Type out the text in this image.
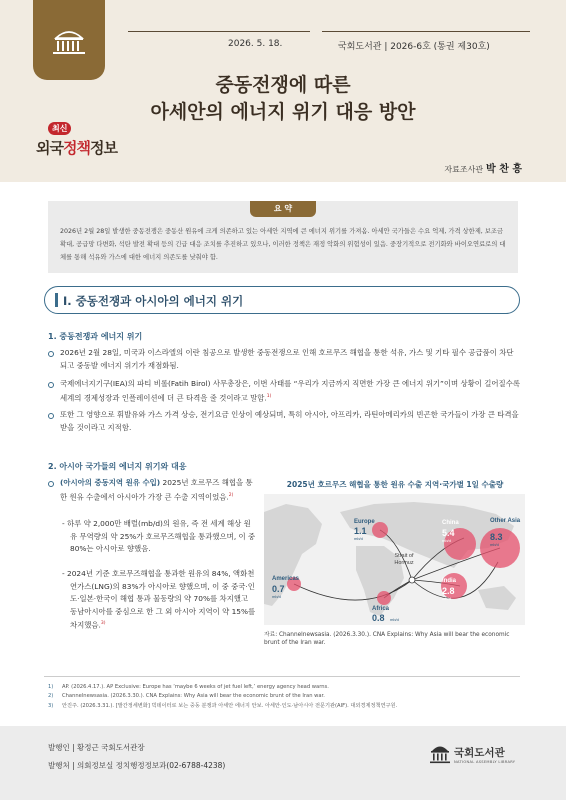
2026. 5. 18.	국회도서관 | 2026-6호 (통권 제30호)
중동전쟁에 따른
아세안의 에너지 위기 대응 방안
최신
외국정책정보
자료조사관 박 찬 흥
요 약
2026년 2월 28일 발생한 중동전쟁은 중동산 원유에 크게 의존하고 있는 아세안 지역에 큰 에너지 위기를 가져옴. 아세안 국가들은 수요 억제, 가격 상한제, 보조금 확대, 공급망 다변화, 석탄 발전 확대 등의 긴급 대응 조치를 추진하고 있으나, 이러한 정책은 재정 악화의 위험성이 있음. 중장기적으로 전기화와 바이오연료로의 대체를 통해 석유와 가스에 대한 에너지 의존도를 낮춰야 함.
Ⅰ. 중동전쟁과 아시아의 에너지 위기
1. 중동전쟁과 에너지 위기
2026년 2월 28일, 미국과 이스라엘의 이란 침공으로 발생한 중동전쟁으로 인해 호르무즈 해협을 통한 석유, 가스 및 기타 필수 공급품이 차단되고 중동발 에너지 위기가 재점화됨.
국제에너지기구(IEA)의 파티 비롤(Fatih Birol) 사무총장은, 이번 사태를 “우리가 지금까지 직면한 가장 큰 에너지 위기”이며 상황이 길어질수록 세계의 경제성장과 인플레이션에 더 큰 타격을 줄 것이라고 말함.$^{1)}$
또한 그 영향으로 휘발유와 가스 가격 상승, 전기요금 인상이 예상되며, 특히 아시아, 아프리카, 라틴아메리카의 빈곤한 국가들이 가장 큰 타격을 받을 것이라고 지적함.
2. 아시아 국가들의 에너지 위기와 대응
(아시아의 중동지역 원유 수입) 2025년 호르무즈 해협을 통한 원유 수출에서 아시아가 가장 큰 수출 지역이었음.$^{2)}$
- 하루 약 2,000만 배럴(mb/d)의 원유, 즉 전 세계 해상 원유 무역량의 약 25%가 호르무즈해협을 통과했으며, 이 중 80%는 아시아로 향했음.
- 2024년 기준 호르무즈해협을 통과한 원유의 84%, 액화천연가스(LNG)의 83%가 아시아로 향했으며, 이 중 중국·인도·일본·한국이 해협 통과 물동량의 약 70%를 차지했고 동남아시아를 중심으로 한 그 외 아시아 지역이 약 15%를 차지했음.$^{3)}$
2025년 호르무즈 해협을 통한 원유 수출 지역·국가별 1일 수출량
Strait of
Hormuz
Europe
1.1
mb/d
China
5.4
mb/d
Other Asia
8.3
mb/d
Americas
0.7
mb/d
India
2.8
mb/d
Africa
0.8 mb/d
자료: Channelnewsasia. (2026.3.30.). CNA Explains: Why Asia will bear the economic brunt of the Iran war.
1) AP. (2026.4.17.). AP Exclusive: Europe has ‘maybe 6 weeks of jet fuel left,’ energy agency head warns.
2) Channelnewsasia. (2026.3.30.). CNA Explains: Why Asia will bear the economic brunt of the Iran war.
3) 안진주. (2026.3.31.). [발간정세변화] 빅데이터로 보는 중동 분쟁과 아세안 에너지 안보. 아세안·인도·남아시아 전문기관(AIF). 대외경제정책연구원.
발행인 | 황정근 국회도서관장
발행처 | 의회정보실 정치행정정보과(02-6788-4238)
국회도서관
NATIONAL ASSEMBLY LIBRARY
